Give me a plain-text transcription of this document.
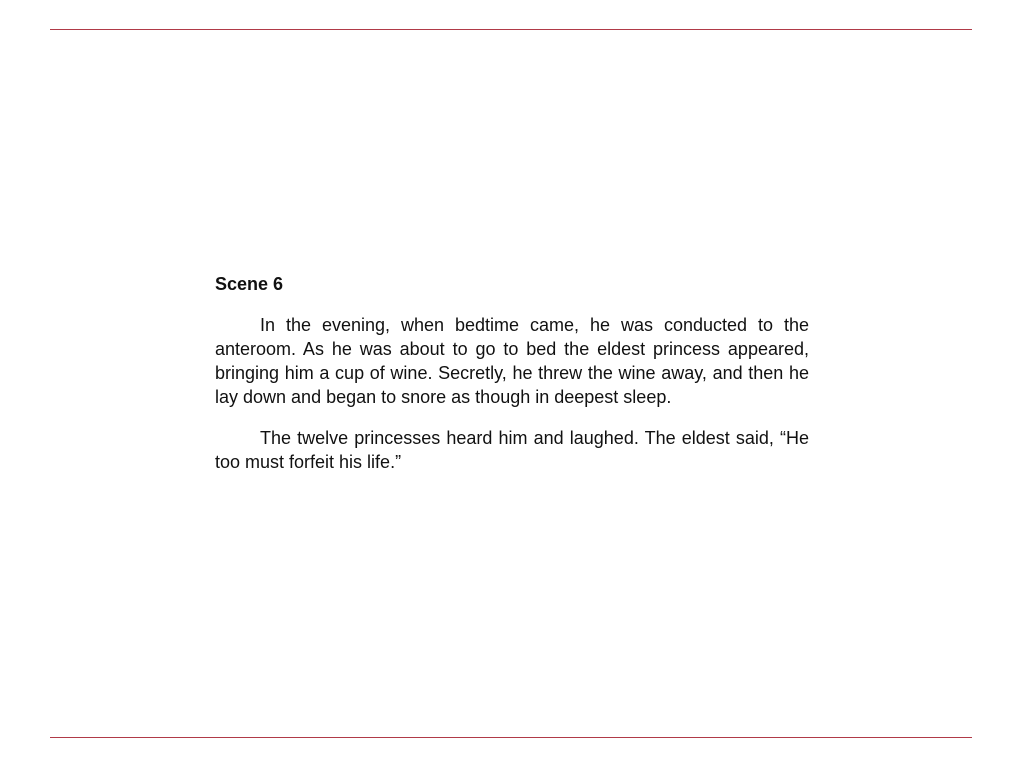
Scene 6

In the evening, when bedtime came, he was conducted to the anteroom. As he was about to go to bed the eldest princess appeared, bringing him a cup of wine. Secretly, he threw the wine away, and then he lay down and began to snore as though in deepest sleep.

The twelve princesses heard him and laughed. The eldest said, “He too must forfeit his life.”
